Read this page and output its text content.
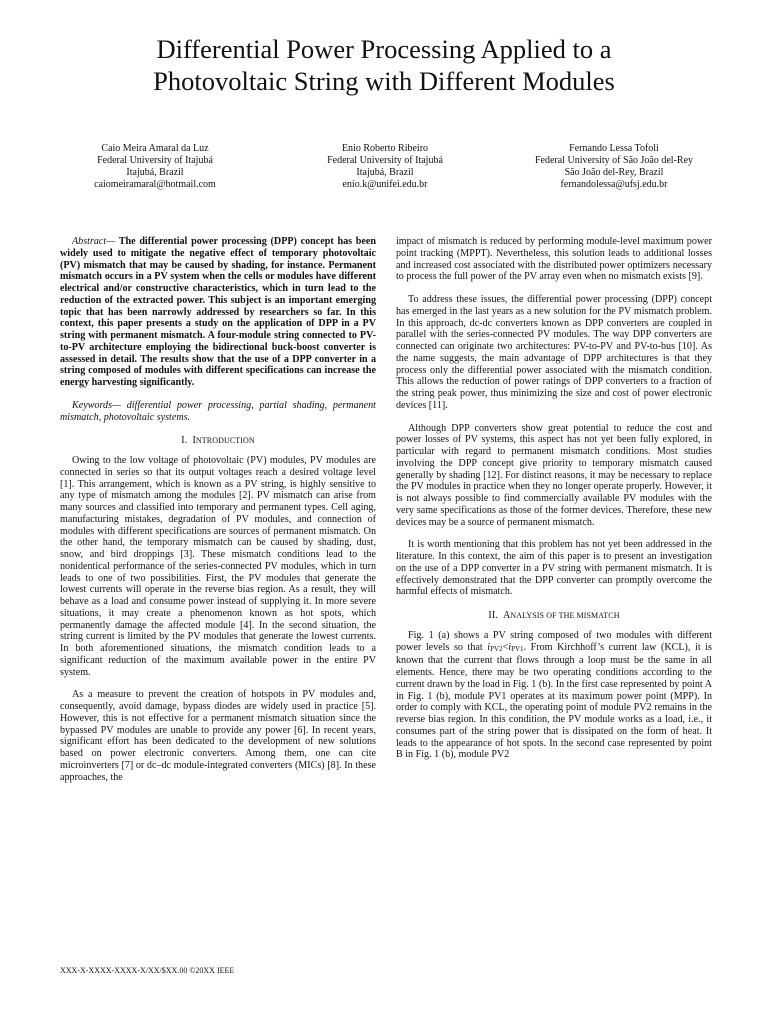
Differential Power Processing Applied to a
Photovoltaic String with Different Modules
Caio Meira Amaral da Luz
Federal University of Itajubá
Itajubá, Brazil
caiomeiramaral@hotmail.com
Enio Roberto Ribeiro
Federal University of Itajubá
Itajubá, Brazil
enio.k@unifei.edu.br
Fernando Lessa Tofoli
Federal University of São João del-Rey
São João del-Rey, Brazil
fernandolessa@ufsj.edu.br

Abstract— The differential power processing (DPP) concept has been widely used to mitigate the negative effect of temporary photovoltaic (PV) mismatch that may be caused by shading, for instance. Permanent mismatch occurs in a PV system when the cells or modules have different electrical and/or constructive characteristics, which in turn lead to the reduction of the extracted power. This subject is an important emerging topic that has been narrowly addressed by researchers so far. In this context, this paper presents a study on the application of DPP in a PV string with permanent mismatch. A four-module string connected to PV-to-PV architecture employing the bidirectional buck-boost converter is assessed in detail. The results show that the use of a DPP converter in a string composed of modules with different specifications can increase the energy harvesting significantly.

Keywords— differential power processing, partial shading, permanent mismatch, photovoltaic systems.

I. INTRODUCTION

Owing to the low voltage of photovoltaic (PV) modules, PV modules are connected in series so that its output voltages reach a desired voltage level [1]. This arrangement, which is known as a PV string, is highly sensitive to any type of mismatch among the modules [2]. PV mismatch can arise from many sources and classified into temporary and permanent types. Cell aging, manufacturing mistakes, degradation of PV modules, and connection of modules with different specifications are sources of permanent mismatch. On the other hand, the temporary mismatch can be caused by shading, dust, snow, and bird droppings [3]. These mismatch conditions lead to the nonidentical performance of the series-connected PV modules, which in turn leads to one of two possibilities. First, the PV modules that generate the lowest currents will operate in the reverse bias region. As a result, they will behave as a load and consume power instead of supplying it. In more severe situations, it may create a phenomenon known as hot spots, which permanently damage the affected module [4]. In the second situation, the string current is limited by the PV modules that generate the lowest currents. In both aforementioned situations, the mismatch condition leads to a significant reduction of the maximum available power in the entire PV system.

As a measure to prevent the creation of hotspots in PV modules and, consequently, avoid damage, bypass diodes are widely used in practice [5]. However, this is not effective for a permanent mismatch situation since the bypassed PV modules are unable to provide any power [6]. In recent years, significant effort has been dedicated to the development of new solutions based on power electronic converters. Among them, one can cite microinverters [7] or dc–dc module-integrated converters (MICs) [8]. In these approaches, the

impact of mismatch is reduced by performing module-level maximum power point tracking (MPPT). Nevertheless, this solution leads to additional losses and increased cost associated with the distributed power optimizers necessary to process the full power of the PV array even when no mismatch exists [9].

To address these issues, the differential power processing (DPP) concept has emerged in the last years as a new solution for the PV mismatch problem. In this approach, dc-dc converters known as DPP converters are coupled in parallel with the series-connected PV modules. The way DPP converters are connected can originate two architectures: PV-to-PV and PV-to-bus [10]. As the name suggests, the main advantage of DPP architectures is that they process only the differential power associated with the mismatch condition. This allows the reduction of power ratings of DPP converters to a fraction of the string peak power, thus minimizing the size and cost of power electronic devices [11].

Although DPP converters show great potential to reduce the cost and power losses of PV systems, this aspect has not yet been fully explored, in particular with regard to permanent mismatch conditions. Most studies involving the DPP concept give priority to temporary mismatch caused generally by shading [12]. For distinct reasons, it may be necessary to replace the PV modules in practice when they no longer operate properly. However, it is not always possible to find commercially available PV modules with the very same specifications as those of the former devices. Therefore, these new devices may be a source of permanent mismatch.

It is worth mentioning that this problem has not yet been addressed in the literature. In this context, the aim of this paper is to present an investigation on the use of a DPP converter in a PV string with permanent mismatch. It is effectively demonstrated that the DPP converter can promptly overcome the harmful effects of mismatch.

II. ANALYSIS OF THE MISMATCH

Fig. 1 (a) shows a PV string composed of two modules with different power levels so that $i_{PV2}<i_{PV1}$. From Kirchhoff’s current law (KCL), it is known that the current that flows through a loop must be the same in all elements. Hence, there may be two operating conditions according to the current drawn by the load in Fig. 1 (b). In the first case represented by point A in Fig. 1 (b), module PV1 operates at its maximum power point (MPP). In order to comply with KCL, the operating point of module PV2 remains in the reverse bias region. In this condition, the PV module works as a load, i.e., it consumes part of the string power that is dissipated on the form of heat. It leads to the appearance of hot spots. In the second case represented by point B in Fig. 1 (b), module PV2

XXX-X-XXXX-XXXX-X/XX/$XX.00 ©20XX IEEE
